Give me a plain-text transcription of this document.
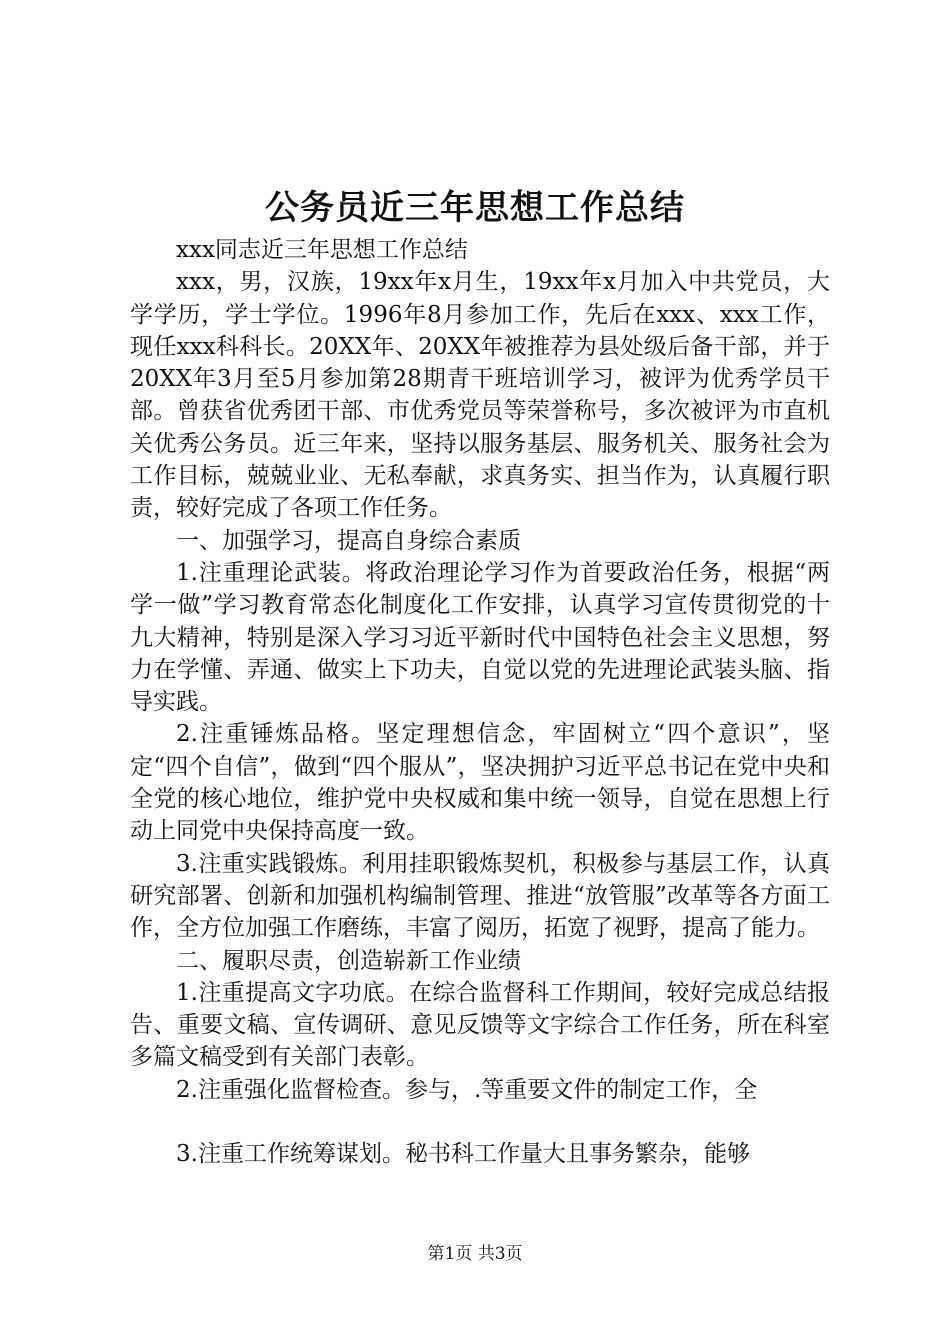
公务员近三年思想工作总结

xxx同志近三年思想工作总结

xxx，男，汉族，19xx年x月生，19xx年x月加入中共党员，大学学历，学士学位。1996年8月参加工作，先后在xxx、xxx工作，现任xxx科科长。20XX年、20XX年被推荐为县处级后备干部，并于20XX年3月至5月参加第28期青干班培训学习，被评为优秀学员干部。曾获省优秀团干部、市优秀党员等荣誉称号，多次被评为市直机关优秀公务员。近三年来，坚持以服务基层、服务机关、服务社会为工作目标，兢兢业业、无私奉献，求真务实、担当作为，认真履行职责，较好完成了各项工作任务。

一、加强学习，提高自身综合素质

1.注重理论武装。将政治理论学习作为首要政治任务，根据“两学一做”学习教育常态化制度化工作安排，认真学习宣传贯彻党的十九大精神，特别是深入学习习近平新时代中国特色社会主义思想，努力在学懂、弄通、做实上下功夫，自觉以党的先进理论武装头脑、指导实践。

2.注重锤炼品格。坚定理想信念，牢固树立“四个意识”，坚定“四个自信”，做到“四个服从”，坚决拥护习近平总书记在党中央和全党的核心地位，维护党中央权威和集中统一领导，自觉在思想上行动上同党中央保持高度一致。

3.注重实践锻炼。利用挂职锻炼契机，积极参与基层工作，认真研究部署、创新和加强机构编制管理、推进“放管服”改革等各方面工作，全方位加强工作磨练，丰富了阅历，拓宽了视野，提高了能力。

二、履职尽责，创造崭新工作业绩

1.注重提高文字功底。在综合监督科工作期间，较好完成总结报告、重要文稿、宣传调研、意见反馈等文字综合工作任务，所在科室多篇文稿受到有关部门表彰。

2.注重强化监督检查。参与，.等重要文件的制定工作，全

3.注重工作统筹谋划。秘书科工作量大且事务繁杂，能够

第1页 共3页
